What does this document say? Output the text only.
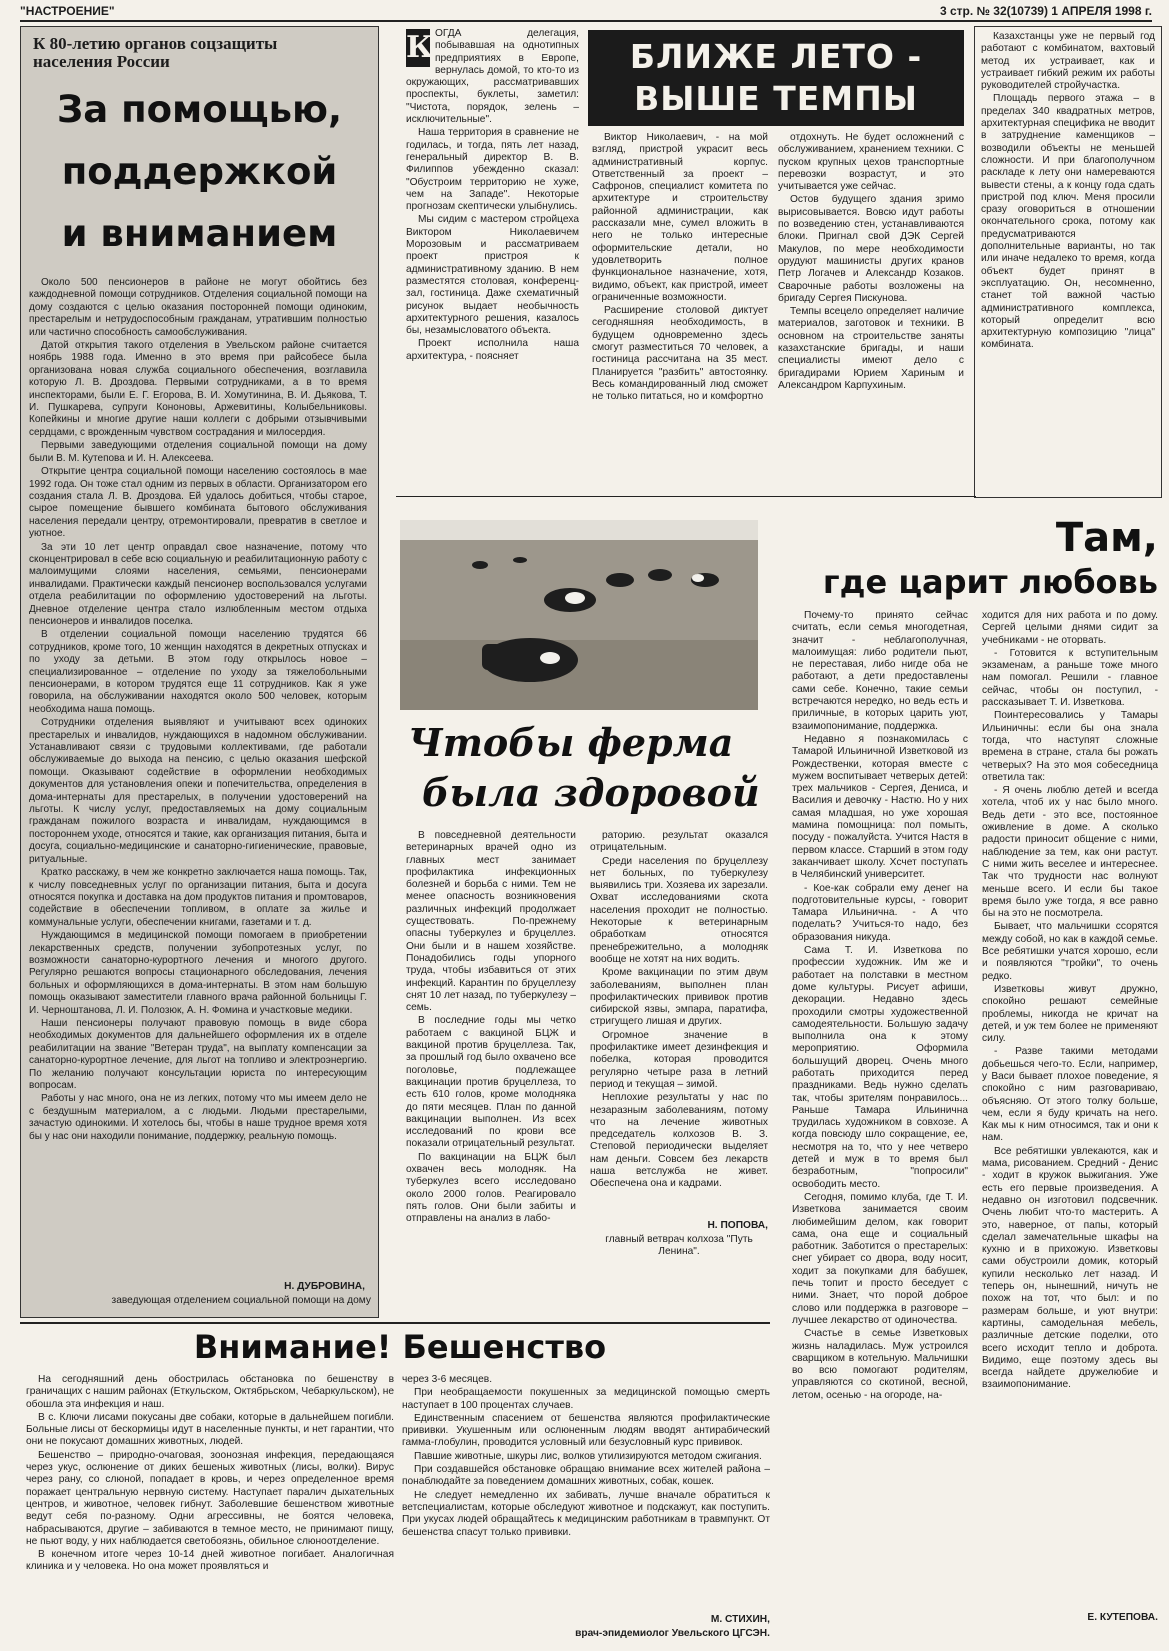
"НАСТРОЕНИЕ"	3 стр. № 32(10739) 1 АПРЕЛЯ 1998 г.
К 80-летию органов соцзащиты населения России
За помощью,
поддержкой
и вниманием

Около 500 пенсионеров в районе не могут обойтись без каждодневной помощи сотрудников. Отделения социальной помощи на дому создаются с целью оказания посторонней помощи одиноким, престарелым и нетрудоспособным гражданам, утратившим полностью или частично способность самообслуживания.

Датой открытия такого отделения в Увельском районе считается ноябрь 1988 года. Именно в это время при райсобесе была организована новая служба социального обеспечения, возглавила которую Л. В. Дроздова. Первыми сотрудниками, а в то время инспекторами, были Е. Г. Егорова, В. И. Хомутинина, В. И. Дьякова, Т. И. Пушкарева, супруги Кононовы, Аржевитины, Колыбельниковы. Копейкины и многие другие наши коллеги с добрыми отзывчивыми сердцами, с врожденным чувством сострадания и милосердия.

Первыми заведующими отделения социальной помощи на дому были В. М. Кутепова и И. Н. Алексеева.

Открытие центра социальной помощи населению состоялось в мае 1992 года. Он тоже стал одним из первых в области. Организатором его создания стала Л. В. Дроздова. Ей удалось добиться, чтобы старое, сырое помещение бывшего комбината бытового обслуживания населения передали центру, отремонтировали, превратив в светлое и уютное.

За эти 10 лет центр оправдал свое назначение, потому что сконцентрировал в себе всю социальную и реабилитационную работу с малоимущими слоями населения, семьями, пенсионерами инвалидами. Практически каждый пенсионер воспользовался услугами отдела реабилитации по оформлению удостоверений на льготы. Дневное отделение центра стало излюбленным местом отдыха пенсионеров и инвалидов поселка.

В отделении социальной помощи населению трудятся 66 сотрудников, кроме того, 10 женщин находятся в декретных отпусках и по уходу за детьми. В этом году открылось новое – специализированное – отделение по уходу за тяжелобольными пенсионерами, в котором трудятся еще 11 сотрудников. Как я уже говорила, на обслуживании находятся около 500 человек, которым необходима наша помощь.

Сотрудники отделения выявляют и учитывают всех одиноких престарелых и инвалидов, нуждающихся в надомном обслуживании. Устанавливают связи с трудовыми коллективами, где работали обслуживаемые до выхода на пенсию, с целью оказания шефской помощи. Оказывают содействие в оформлении необходимых документов для установления опеки и попечительства, определения в дома-интернаты для престарелых, в получении удостоверений на льготы. К числу услуг, предоставляемых на дому социальным гражданам пожилого возраста и инвалидам, нуждающимся в постороннем уходе, относятся и такие, как организация питания, быта и досуга, социально-медицинские и санаторно-гигиенические, правовые, ритуальные.

Кратко расскажу, в чем же конкретно заключается наша помощь. Так, к числу повседневных услуг по организации питания, быта и досуга относятся покупка и доставка на дом продуктов питания и промтоваров, содействие в обеспечении топливом, в оплате за жилье и коммунальные услуги, обеспечении книгами, газетами и т. д.

Нуждающимся в медицинской помощи помогаем в приобретении лекарственных средств, получении зубопротезных услуг, по возможности санаторно-курортного лечения и многого другого. Регулярно решаются вопросы стационарного обследования, лечения больных и оформляющихся в дома-интернаты. В этом нам большую помощь оказывают заместители главного врача районной больницы Г. И. Черноштанова, Л. И. Полозюк, А. Н. Фомина и участковые медики.

Наши пенсионеры получают правовую помощь в виде сбора необходимых документов для дальнейшего оформления их в отделе реабилитации на звание "Ветеран труда", на выплату компенсации за санаторно-курортное лечение, для льгот на топливо и электроэнергию. По желанию получают консультации юриста по интересующим вопросам.

Работы у нас много, она не из легких, потому что мы имеем дело не с бездушным материалом, а с людьми. Людьми престарелыми, зачастую одинокими. И хотелось бы, чтобы в наше трудное время хотя бы у нас они находили понимание, поддержку, реальную помощь.

Н. ДУБРОВИНА,
заведующая отделением социальной помощи на дому
К ОГДА делегация, побывавшая на однотипных предприятиях в Европе, вернулась домой, то кто-то из окружающих, рассматривавших проспекты, буклеты, заметил: "Чистота, порядок, зелень – исключительные".

Наша территория в сравнение не годилась, и тогда, пять лет назад, генеральный директор В. В. Филиппов убежденно сказал: "Обустроим территорию не хуже, чем на Западе". Некоторые прогнозам скептически улыбнулись.

Мы сидим с мастером стройцеха Виктором Николаевичем Морозовым и рассматриваем проект пристроя к административному зданию. В нем разместятся столовая, конференц-зал, гостиница. Даже схематичный рисунок выдает необычность архитектурного решения, казалось бы, незамысловатого объекта.

Проект исполнила наша архитектура, - поясняет

БЛИЖЕ ЛЕТО -
ВЫШЕ ТЕМПЫ

Виктор Николаевич, - на мой взгляд, пристрой украсит весь административный корпус. Ответственный за проект – Сафронов, специалист комитета по архитектуре и строительству районной администрации, как рассказали мне, сумел вложить в него не только интересные оформительские детали, но удовлетворить полное функциональное назначение, хотя, видимо, объект, как пристрой, имеет ограниченные возможности.

Расширение столовой диктует сегодняшняя необходимость, в будущем одновременно здесь смогут разместиться 70 человек, а гостиница рассчитана на 35 мест. Планируется "разбить" автостоянку. Весь командированный люд сможет не только питаться, но и комфортно

отдохнуть. Не будет осложнений с обслуживанием, хранением техники. С пуском крупных цехов транспортные перевозки возрастут, и это учитывается уже сейчас.

Остов будущего здания зримо вырисовывается. Вовсю идут работы по возведению стен, устанавливаются блоки. Пригнал свой ДЭК Сергей Макулов, по мере необходимости орудуют машинисты других кранов Петр Логачев и Александр Козаков. Сварочные работы возложены на бригаду Сергея Пискунова.

Темпы всецело определяет наличие материалов, заготовок и техники. В основном на строительстве заняты казахстанские бригады, и наши специалисты имеют дело с бригадирами Юрием Хариным и Александром Карпухиным.

Казахстанцы уже не первый год работают с комбинатом, вахтовый метод их устраивает, как и устраивает гибкий режим их работы руководителей стройучастка.

Площадь первого этажа – в пределах 340 квадратных метров, архитектурная специфика не вводит в затруднение каменщиков – возводили объекты не меньшей сложности. И при благополучном раскладе к лету они намереваются вывести стены, а к концу года сдать пристрой под ключ. Меня просили сразу оговориться в отношении окончательного срока, потому как предусматриваются дополнительные варианты, но так или иначе недалеко то время, когда объект будет принят в эксплуатацию. Он, несомненно, станет той важной частью административного комплекса, который определит всю архитектурную композицию "лица" комбината.

Чтобы ферма
была здоровой

В повседневной деятельности ветеринарных врачей одно из главных мест занимает профилактика инфекционных болезней и борьба с ними. Тем не менее опасность возникновения различных инфекций продолжает существовать. По-прежнему опасны туберкулез и бруцеллез. Они были и в нашем хозяйстве. Понадобились годы упорного труда, чтобы избавиться от этих инфекций. Карантин по бруцеллезу снят 10 лет назад, по туберкулезу – семь.

В последние годы мы четко работаем с вакциной БЦЖ и вакциной против бруцеллеза. Так, за прошлый год было охвачено все поголовье, подлежащее вакцинации против бруцеллеза, то есть 610 голов, кроме молодняка до пяти месяцев. План по данной вакцинации выполнен. Из всех исследований по крови все показали отрицательный результат.

По вакцинации на БЦЖ был охвачен весь молодняк. На туберкулез всего исследовано около 2000 голов. Реагировало пять голов. Они были забиты и отправлены на анализ в лабо-

раторию. результат оказался отрицательным.

Среди населения по бруцеллезу нет больных, по туберкулезу выявились три. Хозяева их зарезали. Охват исследованиями скота населения проходит не полностью. Некоторые к ветеринарным обработкам относятся пренебрежительно, а молодняк вообще не хотят на них водить.

Кроме вакцинации по этим двум заболеваниям, выполнен план профилактических прививок против сибирской язвы, эмпара, паратифа, стригущего лишая и других.

Огромное значение в профилактике имеет дезинфекция и побелка, которая проводится регулярно четыре раза в летний период и текущая – зимой.

Неплохие результаты у нас по незаразным заболеваниям, потому что на лечение животных председатель колхозов В. З. Степовой периодически выделяет нам деньги. Совсем без лекарств наша ветслужба не живет. Обеспечена она и кадрами.

Н. ПОПОВА,
главный ветврач колхоза "Путь Ленина".
Там,
где царит любовь

Почему-то принято сейчас считать, если семья многодетная, значит - неблагополучная, малоимущая: либо родители пьют, не переставая, либо нигде оба не работают, а дети предоставлены сами себе. Конечно, такие семьи встречаются нередко, но ведь есть и приличные, в которых царить уют, взаимопонимание, поддержка.

Недавно я познакомилась с Тамарой Ильиничной Изветковой из Рождественки, которая вместе с мужем воспитывает четверых детей: трех мальчиков - Сергея, Дениса, и Василия и девочку - Настю. Но у них самая младшая, но уже хорошая мамина помощница: пол помыть, посуду - пожалуйста. Учится Настя в первом классе. Старший в этом году заканчивает школу. Хсчет поступать в Челябинский университет.

- Кое-как собрали ему денег на подготовительные курсы, - говорит Тамара Ильинична. - А что поделать? Учиться-то надо, без образования никуда.

Сама Т. И. Изветкова по профессии художник. Им же и работает на полставки в местном доме культуры. Рисует афиши, декорации. Недавно здесь проходили смотры художественной самодеятельности. Большую задачу выполнила она к этому мероприятию. Оформила большущий дворец. Очень много работать приходится перед праздниками. Ведь нужно сделать так, чтобы зрителям понравилось... Раньше Тамара Ильинична трудилась художником в совхозе. А когда повсюду шло сокращение, ее, несмотря на то, что у нее четверо детей и муж в то время был безработным, "попросили" освободить место.

Сегодня, помимо клуба, где Т. И. Изветкова занимается своим любимейшим делом, как говорит сама, она еще и социальный работник. Заботится о престарелых: снег убирает со двора, воду носит, ходит за покупками для бабушек, печь топит и просто беседует с ними. Знает, что порой доброе слово или поддержка в разговоре – лучшее лекарство от одиночества.

Счастье в семье Изветковых жизнь наладилась. Муж устроился сварщиком в котельную. Мальчишки во всю помогают родителям, управляются со скотиной, весной, летом, осенью - на огороде, на-

ходится для них работа и по дому. Сергей целыми днями сидит за учебниками - не оторвать.

- Готовится к вступительным экзаменам, а раньше тоже много нам помогал. Решили - главное сейчас, чтобы он поступил, - рассказывает Т. И. Изветкова.

Поинтересовались у Тамары Ильиничны: если бы она знала тогда, что наступят сложные времена в стране, стала бы рожать четверых? На это моя собеседница ответила так:

- Я очень люблю детей и всегда хотела, чтоб их у нас было много. Ведь дети - это все, постоянное оживление в доме. А сколько радости приносит общение с ними, наблюдение за тем, как они растут. С ними жить веселее и интереснее. Так что трудности нас волнуют меньше всего. И если бы такое время было уже тогда, я все равно бы на это не посмотрела.

Бывает, что мальчишки ссорятся между собой, но как в каждой семье. Все ребятишки учатся хорошо, если и появляются "тройки", то очень редко.

Изветковы живут дружно, спокойно решают семейные проблемы, никогда не кричат на детей, и уж тем более не применяют силу.

- Разве такими методами добьешься чего-то. Если, например, у Васи бывает плохое поведение, я спокойно с ним разговариваю, объясняю. От этого толку больше, чем, если я буду кричать на него. Как мы к ним относимся, так и они к нам.

Все ребятишки увлекаются, как и мама, рисованием. Средний - Денис - ходит в кружок выжигания. Уже есть его первые произведения. А недавно он изготовил подсвечник. Очень любит что-то мастерить. А это, наверное, от папы, который сделал замечательные шкафы на кухню и в прихожую. Изветковы сами обустроили домик, который купили несколько лет назад. И теперь он, нынешний, ничуть не похож на тот, что был: и по размерам больше, и уют внутри: картины, самодельная мебель, различные детские поделки, ото всего исходит тепло и доброта. Видимо, еще поэтому здесь вы всегда найдете дружелюбие и взаимопонимание.

Е. КУТЕПОВА.
Внимание! Бешенство

На сегодняшний день обострилась обстановка по бешенству в граничащих с нашим районах (Еткульском, Октябрьском, Чебаркульском), не обошла эта инфекция и наш.

В с. Ключи лисами покусаны две собаки, которые в дальнейшем погибли. Больные лисы от бескормицы идут в населенные пункты, и нет гарантии, что они не покусают домашних животных, людей.

Бешенство – природно-очаговая, зоонозная инфекция, передающаяся через укус, ослюнение от диких бешеных животных (лисы, волки). Вирус через рану, со слюной, попадает в кровь, и через определенное время поражает центральную нервную систему. Наступает паралич дыхательных центров, и животное, человек гибнут. Заболевшие бешенством животные ведут себя по-разному. Одни агрессивны, не боятся человека, набрасываются, другие – забиваются в темное место, не принимают пищу, не пьют воду, у них наблюдается светобоязнь, обильное слюноотделение.

В конечном итоге через 10-14 дней животное погибает. Аналогичная клиника и у человека. Но она может проявляться и

через 3-6 месяцев.

При необращаемости покушенных за медицинской помощью смерть наступает в 100 процентах случаев.

Единственным спасением от бешенства являются профилактические прививки. Укушенным или ослюненным людям вводят антирабический гамма-глобулин, проводится условный или безусловный курс прививок.

Павшие животные, шкуры лис, волков утилизируются методом сжигания.

При создавшейся обстановке обращаю внимание всех жителей района – понаблюдайте за поведением домашних животных, собак, кошек.

Не следует немедленно их забивать, лучше вначале обратиться к ветспециалистам, которые обследуют животное и подскажут, как поступить. При укусах людей обращайтесь к медицинским работникам в травмпункт. От бешенства спасут только прививки.

М. СТИХИН,
врач-эпидемиолог Увельского ЦГСЭН.
